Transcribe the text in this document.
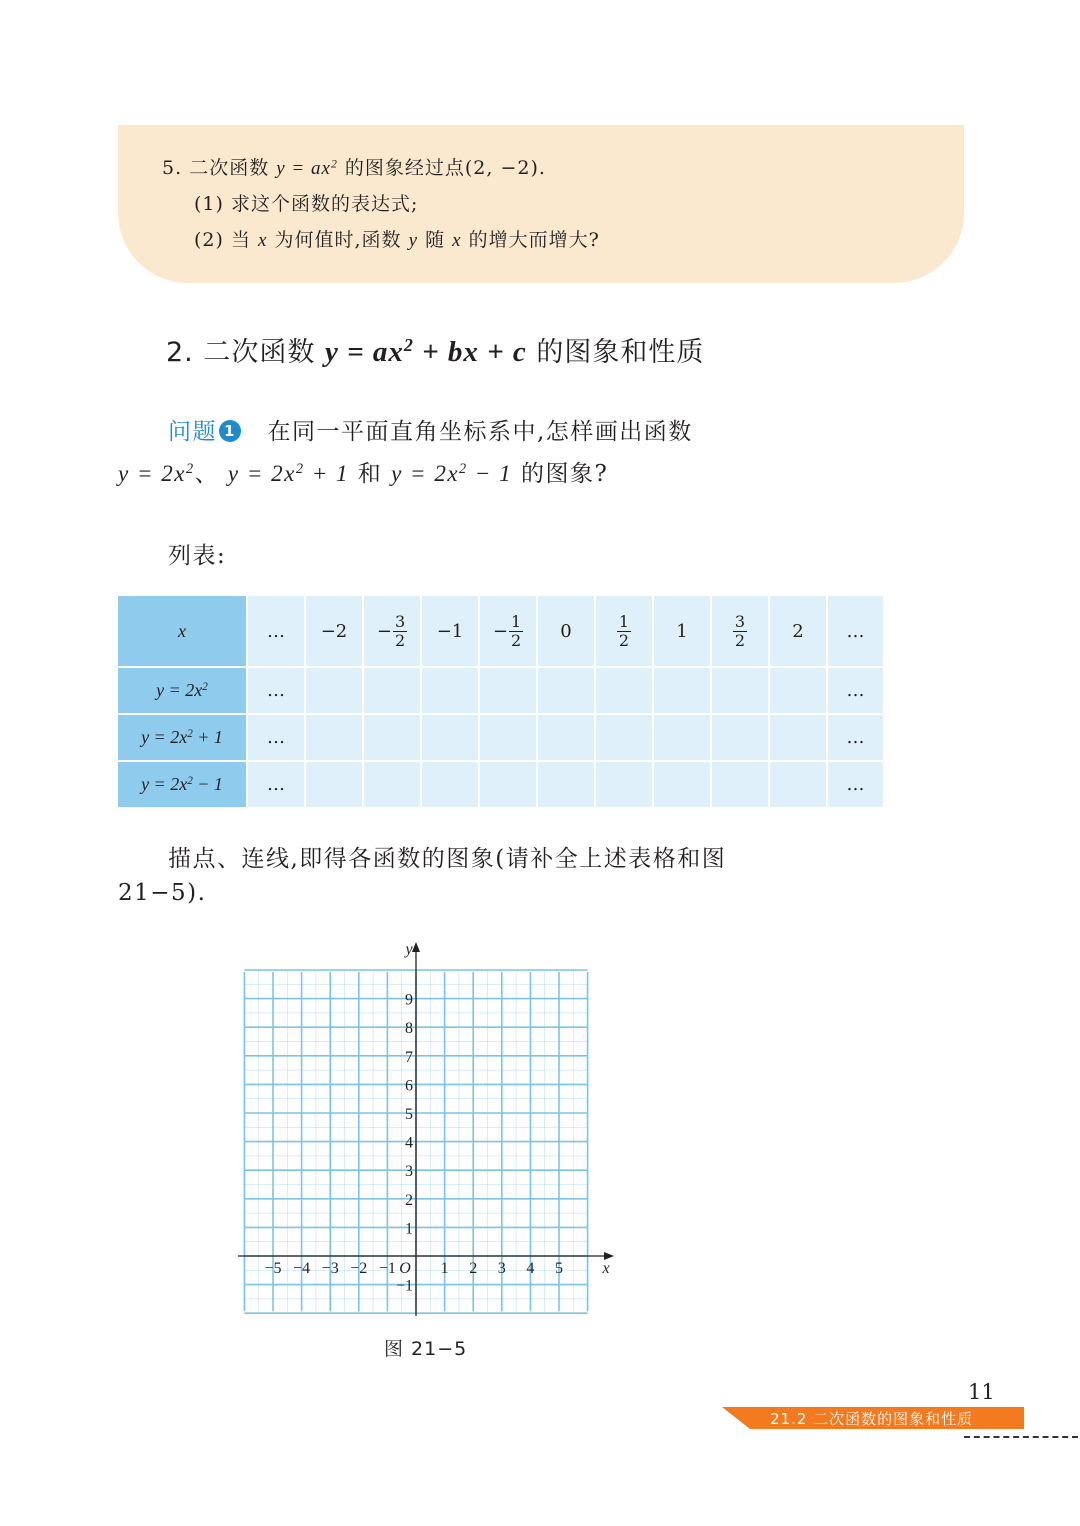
5. 二次函数 $y = ax^2$ 的图象经过点(2, −2).
(1) 求这个函数的表达式;
(2) 当 x 为何值时,函数 y 随 x 的增大而增大?
2. 二次函数 $y = ax^2$ + bx + c 的图象和性质
问题 1 在同一平面直角坐标系中,怎样画出函数
$y = 2x^2$、 $y = 2x^2 + 1$ 和 $y = 2x^2 - 1$ 的图象?
列表:
x	…	−2	− $\frac{3}{2}$	−1	− $\frac{1}{2}$	0	$\frac{1}{2}$	1	$\frac{3}{2}$	2	…
$y = 2x^2$	…										…
$y = 2x^2 + 1$	…										…
$y = 2x^2 - 1$	…										…
描点、连线,即得各函数的图象(请补全上述表格和图
21−5).
−5 −4 −3 −2 −1	1 2 3 4 5
9
8
7
6
5
4
3
2
1
−1
O	x
y
图 21−5
11
21.2 二次函数的图象和性质
